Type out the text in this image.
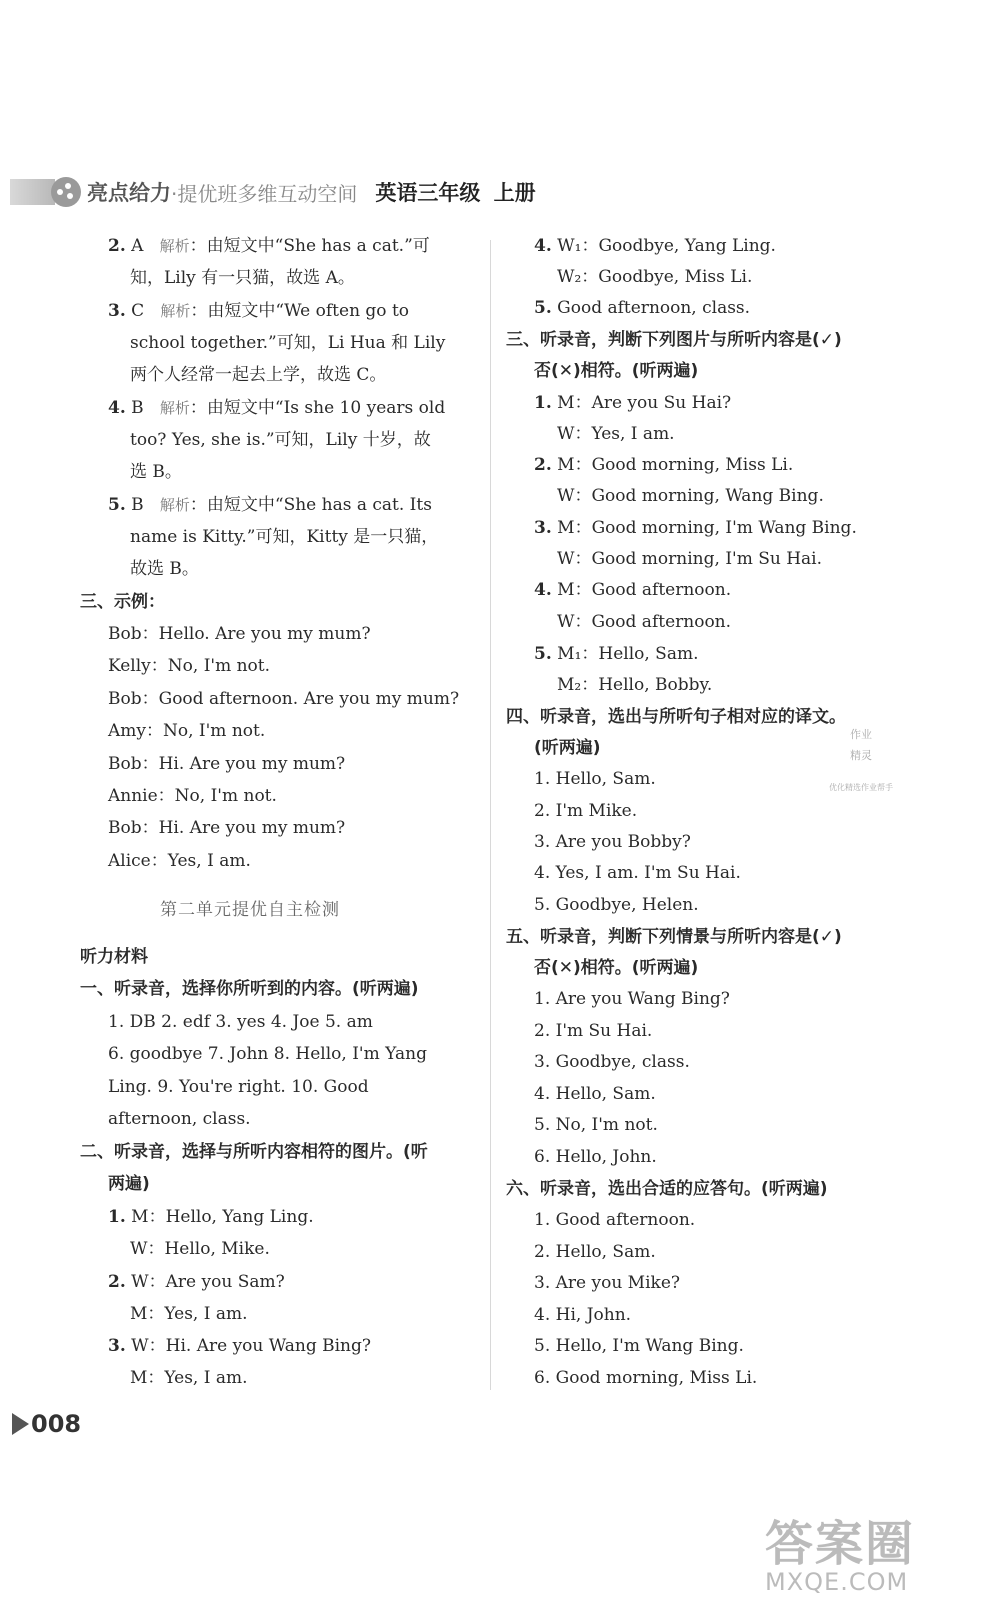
亮点给力 ·提优班多维互动空间 英语三年级 上册
2. A 解析：由短文中“She has a cat.”可
知，Lily 有一只猫，故选 A。
3. C 解析：由短文中“We often go to
school together.”可知，Li Hua 和 Lily
两个人经常一起去上学，故选 C。
4. B 解析：由短文中“Is she 10 years old
too? Yes, she is.”可知，Lily 十岁，故
选 B。
5. B 解析：由短文中“She has a cat. Its
name is Kitty.”可知，Kitty 是一只猫，
故选 B。
三、示例：
Bob：Hello. Are you my mum?
Kelly：No, I'm not.
Bob：Good afternoon. Are you my mum?
Amy：No, I'm not.
Bob：Hi. Are you my mum?
Annie：No, I'm not.
Bob：Hi. Are you my mum?
Alice：Yes, I am.
第二单元提优自主检测
听力材料
一、听录音，选择你所听到的内容。(听两遍)
1. DB 2. edf 3. yes 4. Joe 5. am
6. goodbye 7. John 8. Hello, I'm Yang
Ling. 9. You're right. 10. Good
afternoon, class.
二、听录音，选择与所听内容相符的图片。(听
两遍)
1. M：Hello, Yang Ling.
W：Hello, Mike.
2. W：Are you Sam?
M：Yes, I am.
3. W：Hi. Are you Wang Bing?
M：Yes, I am.
4. W₁：Goodbye, Yang Ling.
W₂：Goodbye, Miss Li.
5. Good afternoon, class.
三、听录音，判断下列图片与所听内容是(✓)
否(✕)相符。(听两遍)
1. M：Are you Su Hai?
W：Yes, I am.
2. M：Good morning, Miss Li.
W：Good morning, Wang Bing.
3. M：Good morning, I'm Wang Bing.
W：Good morning, I'm Su Hai.
4. M：Good afternoon.
W：Good afternoon.
5. M₁：Hello, Sam.
M₂：Hello, Bobby.
四、听录音，选出与所听句子相对应的译文。
(听两遍)
1. Hello, Sam.
2. I'm Mike.
3. Are you Bobby?
4. Yes, I am. I'm Su Hai.
5. Goodbye, Helen.
五、听录音，判断下列情景与所听内容是(✓)
否(✕)相符。(听两遍)
1. Are you Wang Bing?
2. I'm Su Hai.
3. Goodbye, class.
4. Hello, Sam.
5. No, I'm not.
6. Hello, John.
六、听录音，选出合适的应答句。(听两遍)
1. Good afternoon.
2. Hello, Sam.
3. Are you Mike?
4. Hi, John.
5. Hello, I'm Wang Bing.
6. Good morning, Miss Li.
作业
精灵
优化精选作业帮手
008
答案圈
MXQE.COM
